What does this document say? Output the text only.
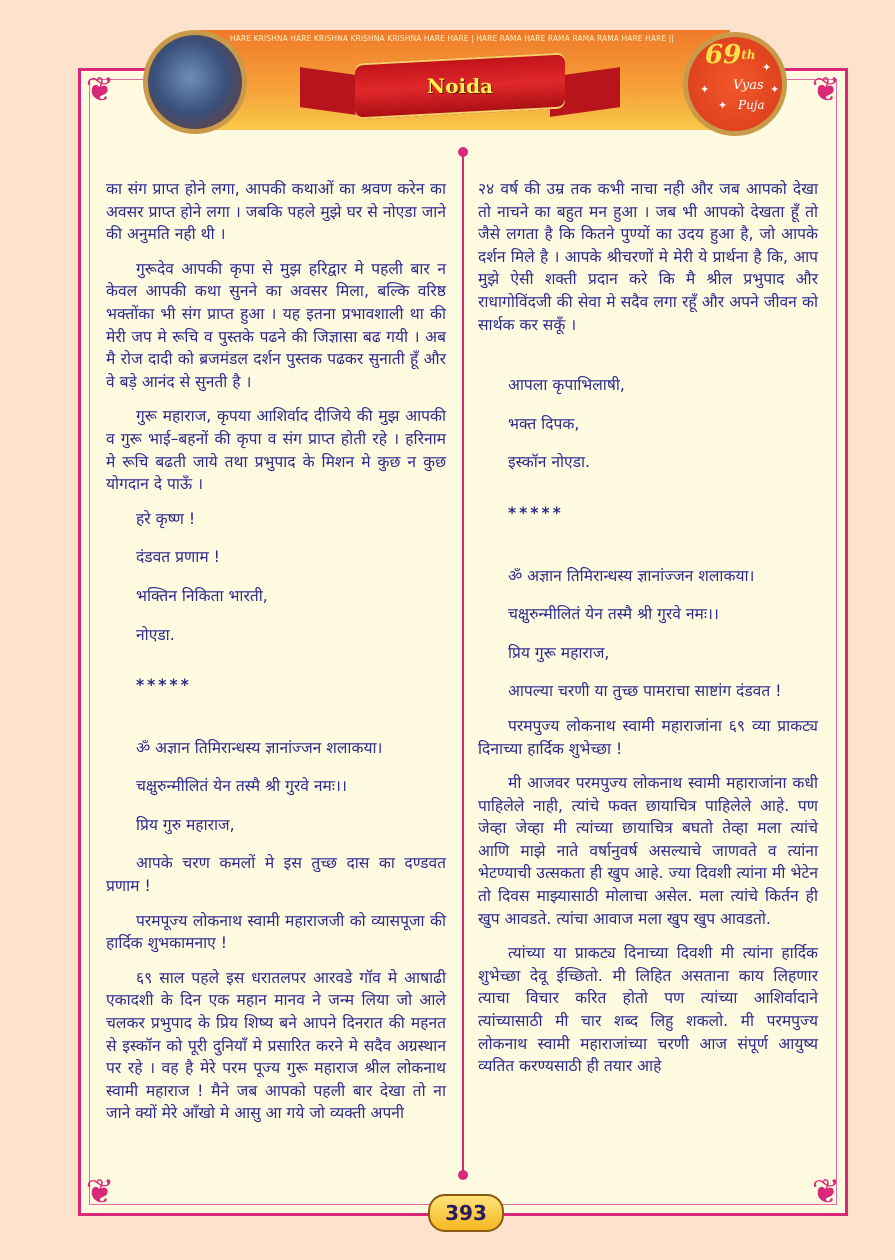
❦	❦
❦	❦
HARE KRISHNA HARE KRISHNA KRISHNA KRISHNA HARE HARE | HARE RAMA HARE RAMA RAMA RAMA HARE HARE ||
Noida
✦
✦
✦
✦
69th
Vyas
Puja

का संग प्राप्त होने लगा, आपकी कथाओं का श्रवण करेन का अवसर प्राप्त होने लगा । जबकि पहले मुझे घर से नोएडा जाने की अनुमति नही थी ।

गुरूदेव आपकी कृपा से मुझ हरिद्वार मे पहली बार न केवल आपकी कथा सुनने का अवसर मिला, बल्कि वरिष्ठ भक्तोंका भी संग प्राप्त हुआ । यह इतना प्रभावशाली था की मेरी जप मे रूचि व पुस्तके पढने की जिज्ञासा बढ गयी । अब मै रोज दादी को ब्रजमंडल दर्शन पुस्तक पढकर सुनाती हूँ और वे बड़े आनंद से सुनती है ।

गुरू महाराज, कृपया आशिर्वाद दीजिये की मुझ आपकी व गुरू भाई–बहनों की कृपा व संग प्राप्त होती रहे । हरिनाम मे रूचि बढती जाये तथा प्रभुपाद के मिशन मे कुछ न कुछ योगदान दे पाऊँ ।

हरे कृष्ण !

दंडवत प्रणाम !

भक्तिन निकिता भारती,

नोएडा.

*****

ॐ अज्ञान तिमिरान्धस्य ज्ञानांज्जन शलाकया।

चक्षुरुन्मीलितं येन तस्मै श्री गुरवे नमः।।

प्रिय गुरु महाराज,

आपके चरण कमलों मे इस तुच्छ दास का दण्डवत प्रणाम !

परमपूज्य लोकनाथ स्वामी महाराजजी को व्यासपूजा की हार्दिक शुभकामनाए !

६९ साल पहले इस धरातलपर आरवडे गॉव मे आषाढी एकादशी के दिन एक महान मानव ने जन्म लिया जो आले चलकर प्रभुपाद के प्रिय शिष्य बने आपने दिनरात की महनत से इस्कॉन को पूरी दुनियाँ मे प्रसारित करने मे सदैव अग्रस्थान पर रहे । वह है मेरे परम पूज्य गुरू महाराज श्रील लोकनाथ स्वामी महाराज ! मैने जब आपको पहली बार देखा तो ना जाने क्यों मेरे आँखो मे आसु आ गये जो व्यक्ती अपनी

२४ वर्ष की उम्र तक कभी नाचा नही और जब आपको देखा तो नाचने का बहुत मन हुआ । जब भी आपको देखता हूँ तो जैसे लगता है कि कितने पुण्यों का उदय हुआ है, जो आपके दर्शन मिले है । आपके श्रीचरणों मे मेरी ये प्रार्थना है कि, आप मुझे ऐसी शक्ती प्रदान करे कि मै श्रील प्रभुपाद और राधागोविंदजी की सेवा मे सदैव लगा रहूँ और अपने जीवन को सार्थक कर सकूँ ।

आपला कृपाभिलाषी,

भक्त दिपक,

इस्कॉन नोएडा.

*****

ॐ अज्ञान तिमिरान्धस्य ज्ञानांज्जन शलाकया।

चक्षुरुन्मीलितं येन तस्मै श्री गुरवे नमः।।

प्रिय गुरू महाराज,

आपल्या चरणी या तुच्छ पामराचा साष्टांग दंडवत !

परमपुज्य लोकनाथ स्वामी महाराजांना ६९ व्या प्राकट्य दिनाच्या हार्दिक शुभेच्छा !

मी आजवर परमपुज्य लोकनाथ स्वामी महाराजांना कधी पाहिलेले नाही, त्यांचे फक्त छायाचित्र पाहिलेले आहे. पण जेव्हा जेव्हा मी त्यांच्या छायाचित्र बघतो तेव्हा मला त्यांचे आणि माझे नाते वर्षानुवर्ष असल्याचे जाणवते व त्यांना भेटण्याची उत्सकता ही खुप आहे. ज्या दिवशी त्यांना मी भेटेन तो दिवस माझ्यासाठी मोलाचा असेल. मला त्यांचे किर्तन ही खुप आवडते. त्यांचा आवाज मला खुप खुप आवडतो.

त्यांच्या या प्राकट्य दिनाच्या दिवशी मी त्यांना हार्दिक शुभेच्छा देवू ईच्छितो. मी लिहित असताना काय लिहणार त्याचा विचार करित होतो पण त्यांच्या आशिर्वादाने त्यांच्यासाठी मी चार शब्द लिहु शकलो. मी परमपुज्य लोकनाथ स्वामी महाराजांच्या चरणी आज संपूर्ण आयुष्य व्यतित करण्यसाठी ही तयार आहे

393
